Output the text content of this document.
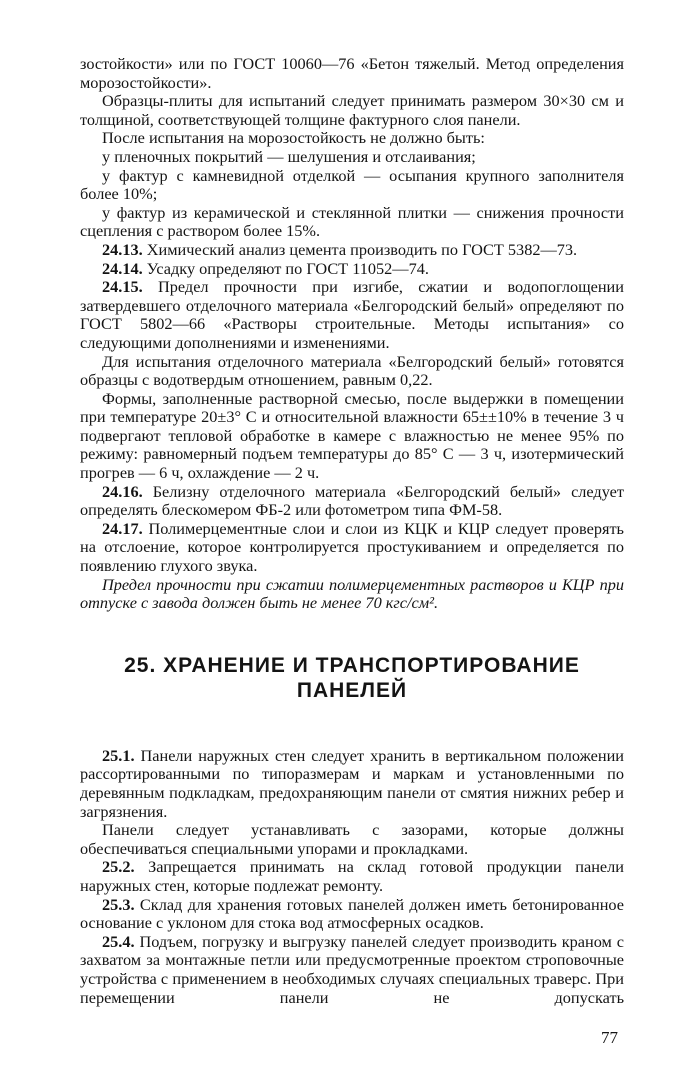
зостойкости» или по ГОСТ 10060—76 «Бетон тяжелый. Метод определения морозостойкости».

Образцы-плиты для испытаний следует принимать размером 30×30 см и толщиной, соответствующей толщине фактурного слоя панели.

После испытания на морозостойкость не должно быть:

у пленочных покрытий — шелушения и отслаивания;

у фактур с камневидной отделкой — осыпания крупного заполнителя более 10%;

у фактур из керамической и стеклянной плитки — снижения прочности сцепления с раствором более 15%.

24.13. Химический анализ цемента производить по ГОСТ 5382—73.

24.14. Усадку определяют по ГОСТ 11052—74.

24.15. Предел прочности при изгибе, сжатии и водопоглощении затвердевшего отделочного материала «Белгородский белый» определяют по ГОСТ 5802—66 «Растворы строительные. Методы испытания» со следующими дополнениями и изменениями.

Для испытания отделочного материала «Белгородский белый» готовятся образцы с водотвердым отношением, равным 0,22.

Формы, заполненные растворной смесью, после выдержки в помещении при температуре 20±3° С и относительной влажности 65±±10% в течение 3 ч подвергают тепловой обработке в камере с влажностью не менее 95% по режиму: равномерный подъем температуры до 85° С — 3 ч, изотермический прогрев — 6 ч, охлаждение — 2 ч.

24.16. Белизну отделочного материала «Белгородский белый» следует определять блескомером ФБ-2 или фотометром типа ФМ-58.

24.17. Полимерцементные слои и слои из КЦК и КЦР следует проверять на отслоение, которое контролируется простукиванием и определяется по появлению глухого звука.

Предел прочности при сжатии полимерцементных растворов и КЦР при отпуске с завода должен быть не менее 70 кгс/см².

25. ХРАНЕНИЕ И ТРАНСПОРТИРОВАНИЕ
ПАНЕЛЕЙ

25.1. Панели наружных стен следует хранить в вертикальном положении рассортированными по типоразмерам и маркам и установленными по деревянным подкладкам, предохраняющим панели от смятия нижних ребер и загрязнения.

Панели следует устанавливать с зазорами, которые должны обеспечиваться специальными упорами и прокладками.

25.2. Запрещается принимать на склад готовой продукции панели наружных стен, которые подлежат ремонту.

25.3. Склад для хранения готовых панелей должен иметь бетонированное основание с уклоном для стока вод атмосферных осадков.

25.4. Подъем, погрузку и выгрузку панелей следует производить краном с захватом за монтажные петли или предусмотренные проектом строповочные устройства с применением в необходимых случаях специальных траверс. При перемещении панели не допускать

77
